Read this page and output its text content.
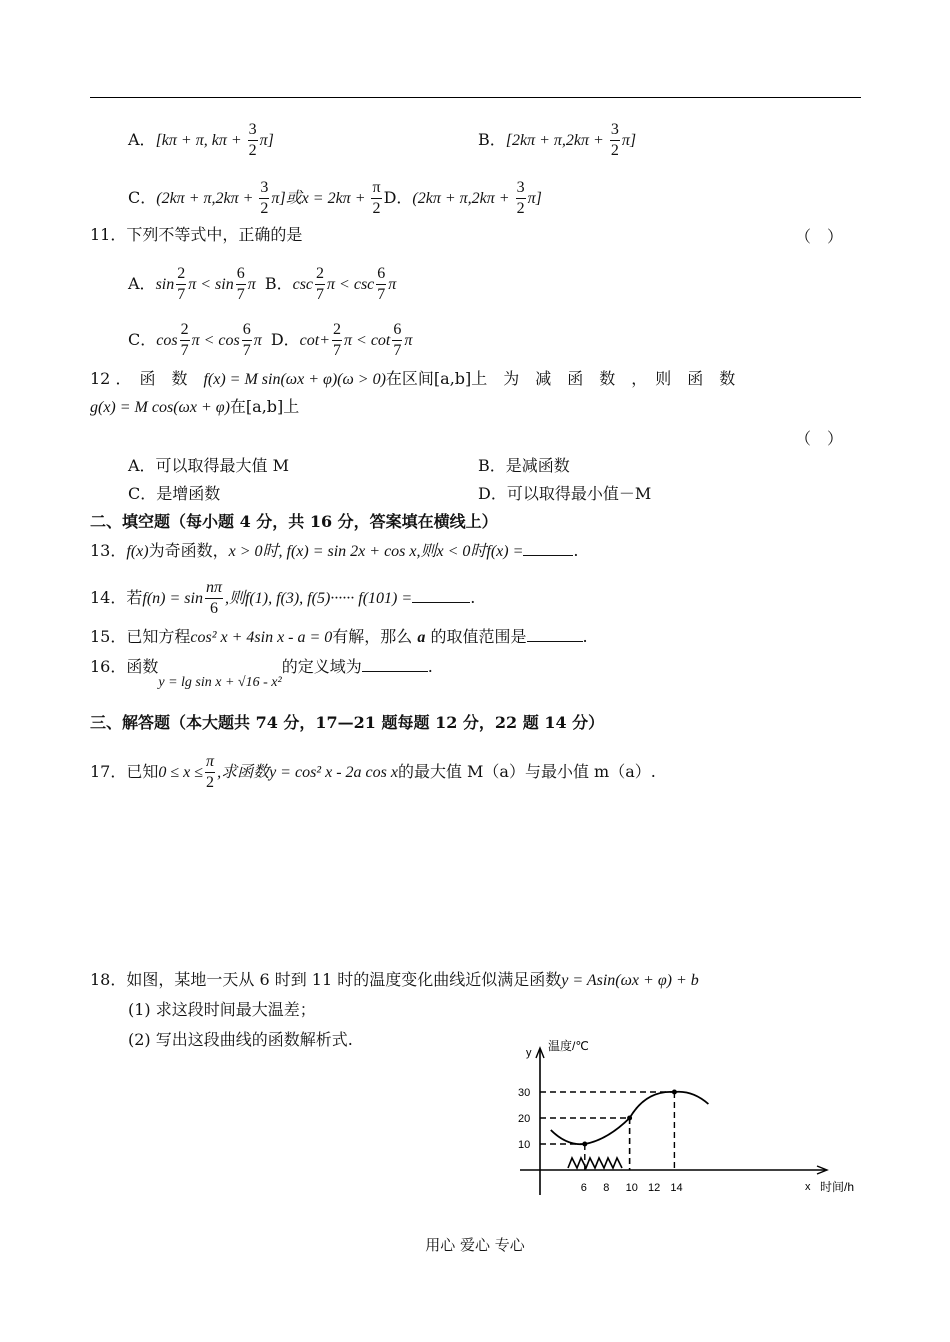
A．[kπ + π, $k\pi + \frac{3}{2} \pi$]	B．$[2k\pi + \pi,2k\pi + \frac{3}{2} \pi]$
C．$(2k\pi + \pi,2k\pi + \frac{3}{2} \pi]$或$x = 2k\pi + \frac{\pi}{2}$ D．$(2k\pi + \pi,2k\pi + \frac{3}{2} \pi]$
11．下列不等式中，正确的是	（　）
A．$\sin \frac{2}{7}$ $\pi < \sin \frac{6}{7}$ π B．$\csc \frac{2}{7}$ $\pi < \csc \frac{6}{7}$ π
C．$\cos \frac{2}{7}$ $\pi < \cos \frac{6}{7}$ π D．$\cot+ \frac{2}{7}$ $\pi < \cot \frac{6}{7}$ π
12 ．　函　数　 f(x) = M sin(ωx + φ)(ω > 0)在区间[a,b]上　为　减　函　数　，　则　函　数
g(x) = M cos(ωx + φ)在[a,b]上
（　）
A．可以取得最大值 M	B．是减函数
C．是增函数	D．可以取得最小值－M
二、填空题（每小题 4 分，共 16 分，答案填在横线上）
13．f(x)为奇函数，x > 0时, f(x) = sin 2x + cos x,则x < 0时f(x) =	.
14．若$f(n) = \sin \frac{n\pi}{6}$ ,则f(1), f(3), f(5)······ f(101) =	.
15．已知方程cos² x + 4sin x - a = 0有解，那么 a 的取值范围是	.
16．函数y = lg sin x + √16 - x²的定义域为	.
三、解答题（本大题共 74 分，17—21 题每题 12 分，22 题 14 分）
17．已知$0 \le x \le \frac{\pi}{2}$ ,求函数y = cos² x - 2a cos x的最大值 M（a）与最小值 m（a）.
18．如图，某地一天从 6 时到 11 时的温度变化曲线近似满足函数y = Asin(ωx + φ) + b
(1) 求这段时间最大温差；
(2) 写出这段曲线的函数解析式.
y 温度/℃
x 时间/h
10
20
30
6 8 10 12 14
用心 爱心 专心
